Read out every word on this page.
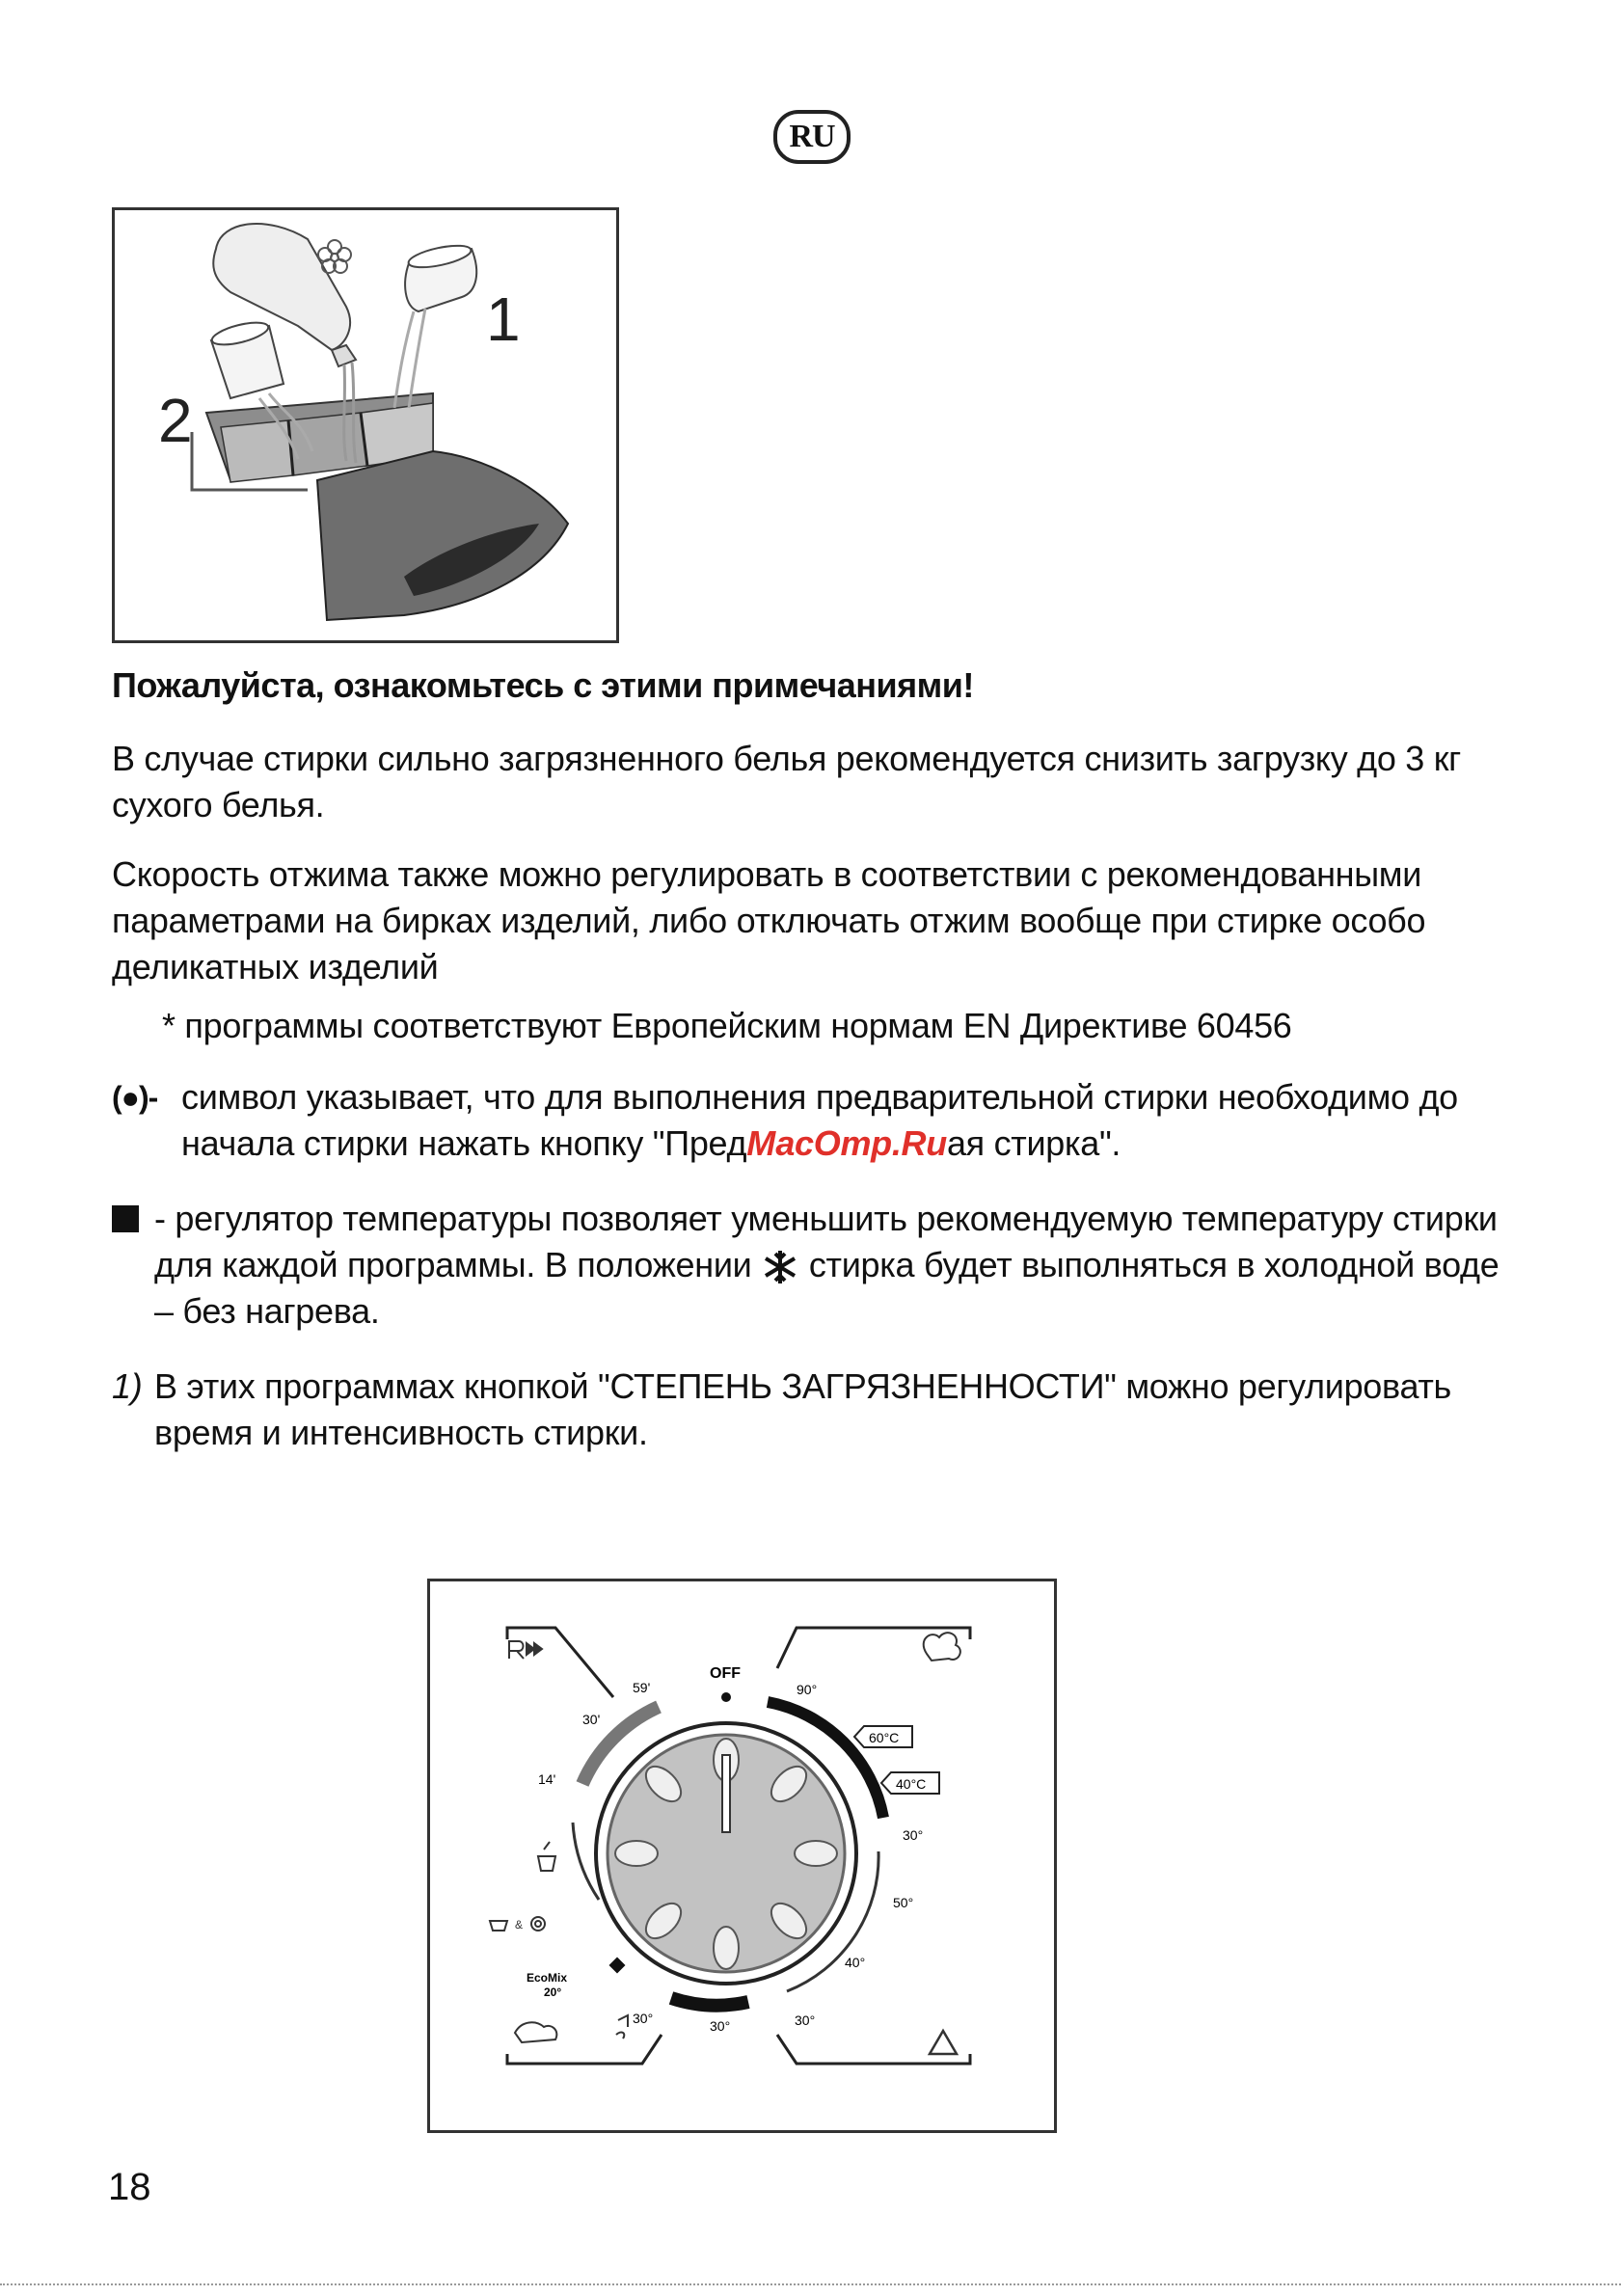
RU
1
2
Пожалуйста, ознакомьтесь с этими примечаниями!
В случае стирки сильно загрязненного белья рекомендуется снизить загрузку до 3 кг сухого белья.
Скорость отжима также можно регулировать в соответствии с рекомендованными параметрами на бирках изделий, либо отключать отжим вообще при стирке особо деликатных изделий
* программы соответствуют Европейским нормам EN Директиве 60456
(●)- символ указывает, что для выполнения предварительной стирки необходимо до начала стирки нажать кнопку "ПредМасОтр.Ruая стирка".
- регулятор температуры позволяет уменьшить рекомендуемую температуру стирки для каждой программы. В положении стирка будет выполняться в холодной воде – без нагрева.
1) В этих программах кнопкой "СТЕПЕНЬ ЗАГРЯЗНЕННОСТИ" можно регулировать время и интенсивность стирки.
OFF
59'
30'
14'
90°
60°C
40°C
30°
50°
40°
30°
30°	30°
EcoMix
20°
&
18
